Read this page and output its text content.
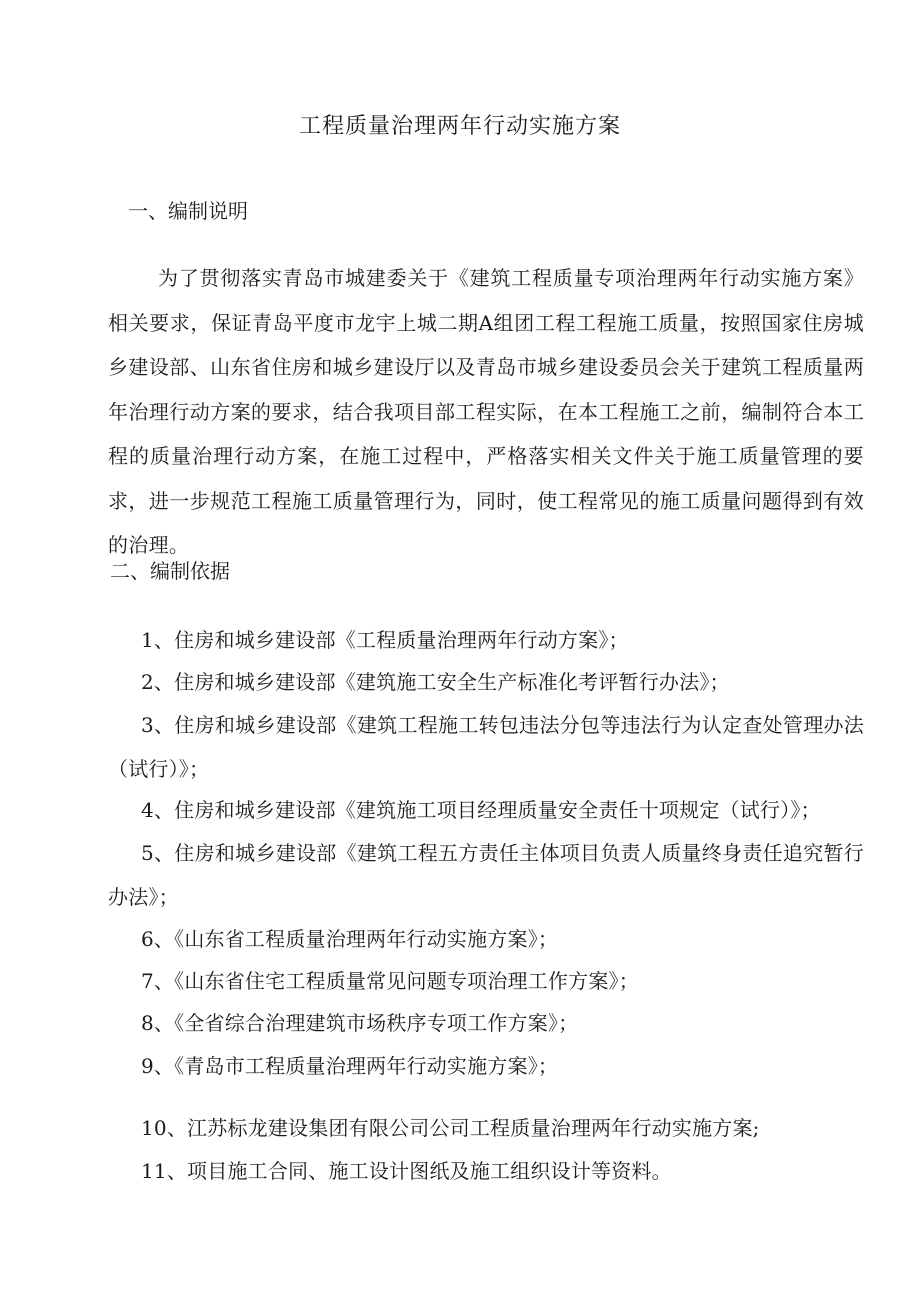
工程质量治理两年行动实施方案
一、编制说明

为了贯彻落实青岛市城建委关于《建筑工程质量专项治理两年行动实施方案》相关要求，保证青岛平度市龙宇上城二期A组团工程工程施工质量，按照国家住房城乡建设部、山东省住房和城乡建设厅以及青岛市城乡建设委员会关于建筑工程质量两年治理行动方案的要求，结合我项目部工程实际，在本工程施工之前，编制符合本工程的质量治理行动方案，在施工过程中，严格落实相关文件关于施工质量管理的要求，进一步规范工程施工质量管理行为，同时，使工程常见的施工质量问题得到有效的治理。

二、编制依据

1、住房和城乡建设部《工程质量治理两年行动方案》；

2、住房和城乡建设部《建筑施工安全生产标准化考评暂行办法》；

3、住房和城乡建设部《建筑工程施工转包违法分包等违法行为认定查处管理办法（试行）》；

4、住房和城乡建设部《建筑施工项目经理质量安全责任十项规定（试行）》；

5、住房和城乡建设部《建筑工程五方责任主体项目负责人质量终身责任追究暂行办法》；

6、《山东省工程质量治理两年行动实施方案》；

7、《山东省住宅工程质量常见问题专项治理工作方案》；

8、《全省综合治理建筑市场秩序专项工作方案》；

9、《青岛市工程质量治理两年行动实施方案》；

10、江苏标龙建设集团有限公司公司工程质量治理两年行动实施方案;

11、项目施工合同、施工设计图纸及施工组织设计等资料。
